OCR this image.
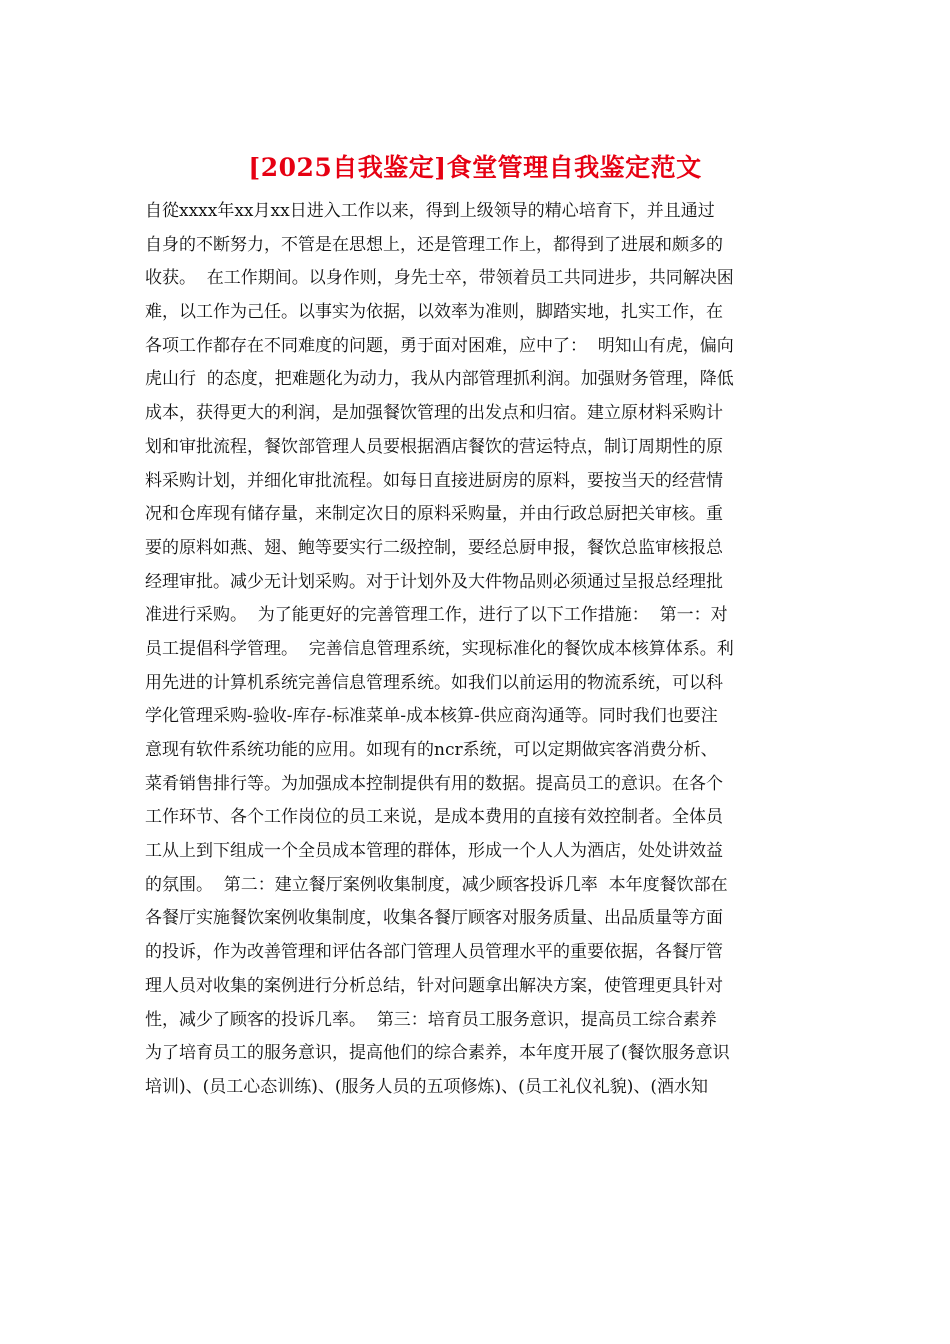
[2025自我鉴定]食堂管理自我鉴定范文
自從xxxx年xx月xx日进入工作以来，得到上级领导的精心培育下，并且通过
自身的不断努力，不管是在思想上，还是管理工作上，都得到了进展和颇多的
收获。  在工作期间。以身作则，身先士卒，带领着员工共同进步，共同解决困
难，以工作为己任。以事实为依据，以效率为准则，脚踏实地，扎实工作，在
各项工作都存在不同难度的问题，勇于面对困难，应中了：  明知山有虎，偏向
虎山行  的态度，把难题化为动力，我从内部管理抓利润。加强财务管理，降低
成本，获得更大的利润，是加强餐饮管理的出发点和归宿。建立原材料采购计
划和审批流程，餐饮部管理人员要根据酒店餐饮的营运特点，制订周期性的原
料采购计划，并细化审批流程。如每日直接进厨房的原料，要按当天的经营情
况和仓库现有储存量，来制定次日的原料采购量，并由行政总厨把关审核。重
要的原料如燕、翅、鲍等要实行二级控制，要经总厨申报，餐饮总监审核报总
经理审批。减少无计划采购。对于计划外及大件物品则必须通过呈报总经理批
准进行采购。  为了能更好的完善管理工作，进行了以下工作措施：  第一：对
员工提倡科学管理。  完善信息管理系统，实现标准化的餐饮成本核算体系。利
用先进的计算机系统完善信息管理系统。如我们以前运用的物流系统，可以科
学化管理采购-验收-库存-标准菜单-成本核算-供应商沟通等。同时我们也要注
意现有软件系统功能的应用。如现有的ncr系统，可以定期做宾客消费分析、
菜肴销售排行等。为加强成本控制提供有用的数据。提高员工的意识。在各个
工作环节、各个工作岗位的员工来说，是成本费用的直接有效控制者。全体员
工从上到下组成一个全员成本管理的群体，形成一个人人为酒店，处处讲效益
的氛围。  第二：建立餐厅案例收集制度，减少顾客投诉几率  本年度餐饮部在
各餐厅实施餐饮案例收集制度，收集各餐厅顾客对服务质量、出品质量等方面
的投诉，作为改善管理和评估各部门管理人员管理水平的重要依据，各餐厅管
理人员对收集的案例进行分析总结，针对问题拿出解决方案，使管理更具针对
性，减少了顾客的投诉几率。  第三：培育员工服务意识，提高员工综合素养
为了培育员工的服务意识，提高他们的综合素养，本年度开展了(餐饮服务意识
培训)、(员工心态训练)、(服务人员的五项修炼)、(员工礼仪礼貌)、(酒水知
